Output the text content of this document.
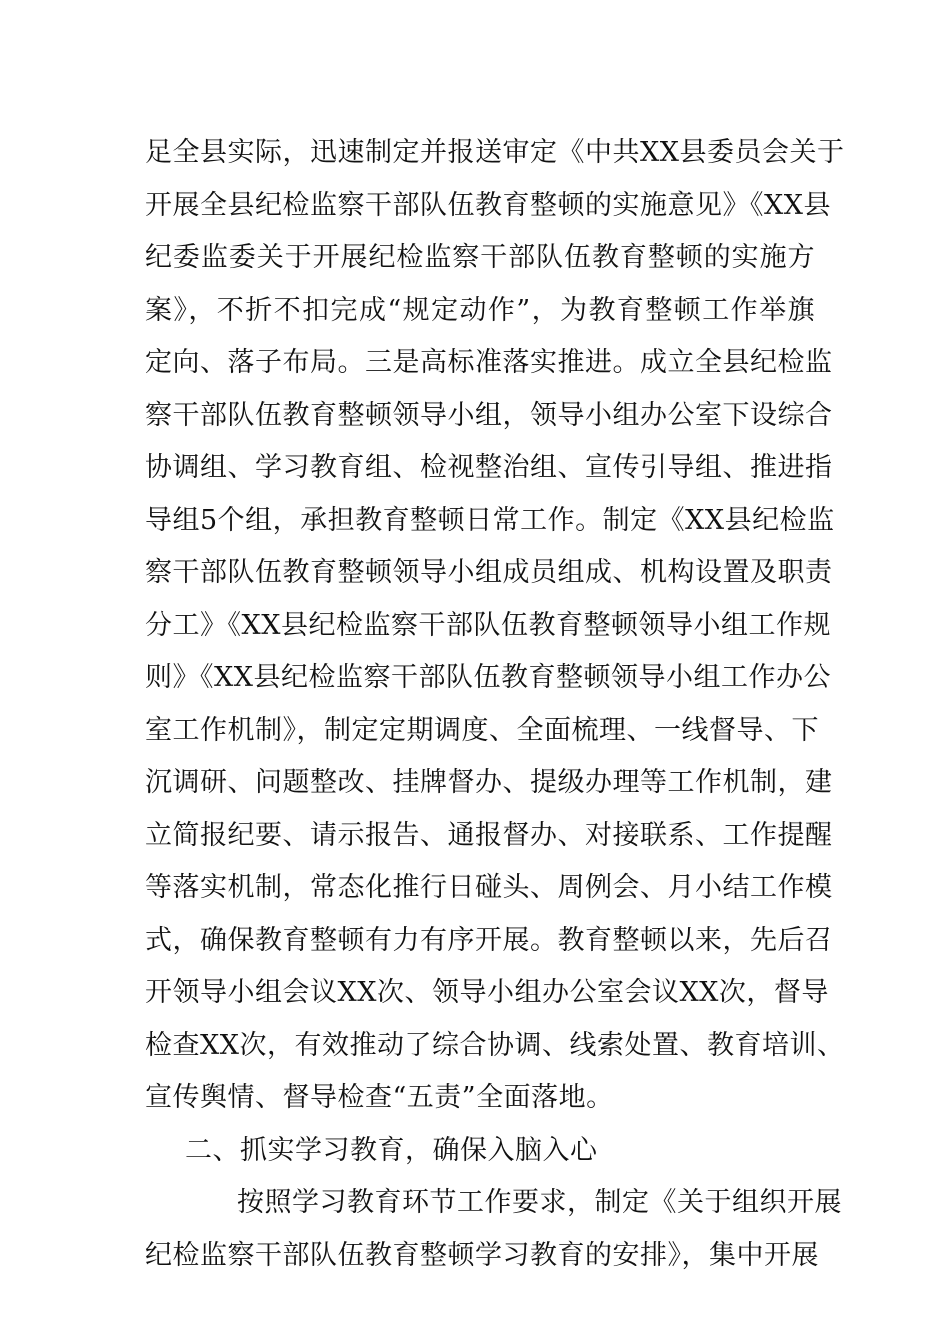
足全县实际，迅速制定并报送审定《中共XX县委员会关于
开展全县纪检监察干部队伍教育整顿的实施意见》《XX县
纪委监委关于开展纪检监察干部队伍教育整顿的实施方
案》，不折不扣完成“规定动作”，为教育整顿工作举旗
定向、落子布局。三是高标准落实推进。成立全县纪检监
察干部队伍教育整顿领导小组，领导小组办公室下设综合
协调组、学习教育组、检视整治组、宣传引导组、推进指
导组5个组，承担教育整顿日常工作。制定《XX县纪检监
察干部队伍教育整顿领导小组成员组成、机构设置及职责
分工》《XX县纪检监察干部队伍教育整顿领导小组工作规
则》《XX县纪检监察干部队伍教育整顿领导小组工作办公
室工作机制》，制定定期调度、全面梳理、一线督导、下
沉调研、问题整改、挂牌督办、提级办理等工作机制，建
立简报纪要、请示报告、通报督办、对接联系、工作提醒
等落实机制，常态化推行日碰头、周例会、月小结工作模
式，确保教育整顿有力有序开展。教育整顿以来，先后召
开领导小组会议XX次、领导小组办公室会议XX次，督导
检查XX次，有效推动了综合协调、线索处置、教育培训、
宣传舆情、督导检查“五责”全面落地。
二、抓实学习教育，确保入脑入心
按照学习教育环节工作要求，制定《关于组织开展
纪检监察干部队伍教育整顿学习教育的安排》，集中开展
